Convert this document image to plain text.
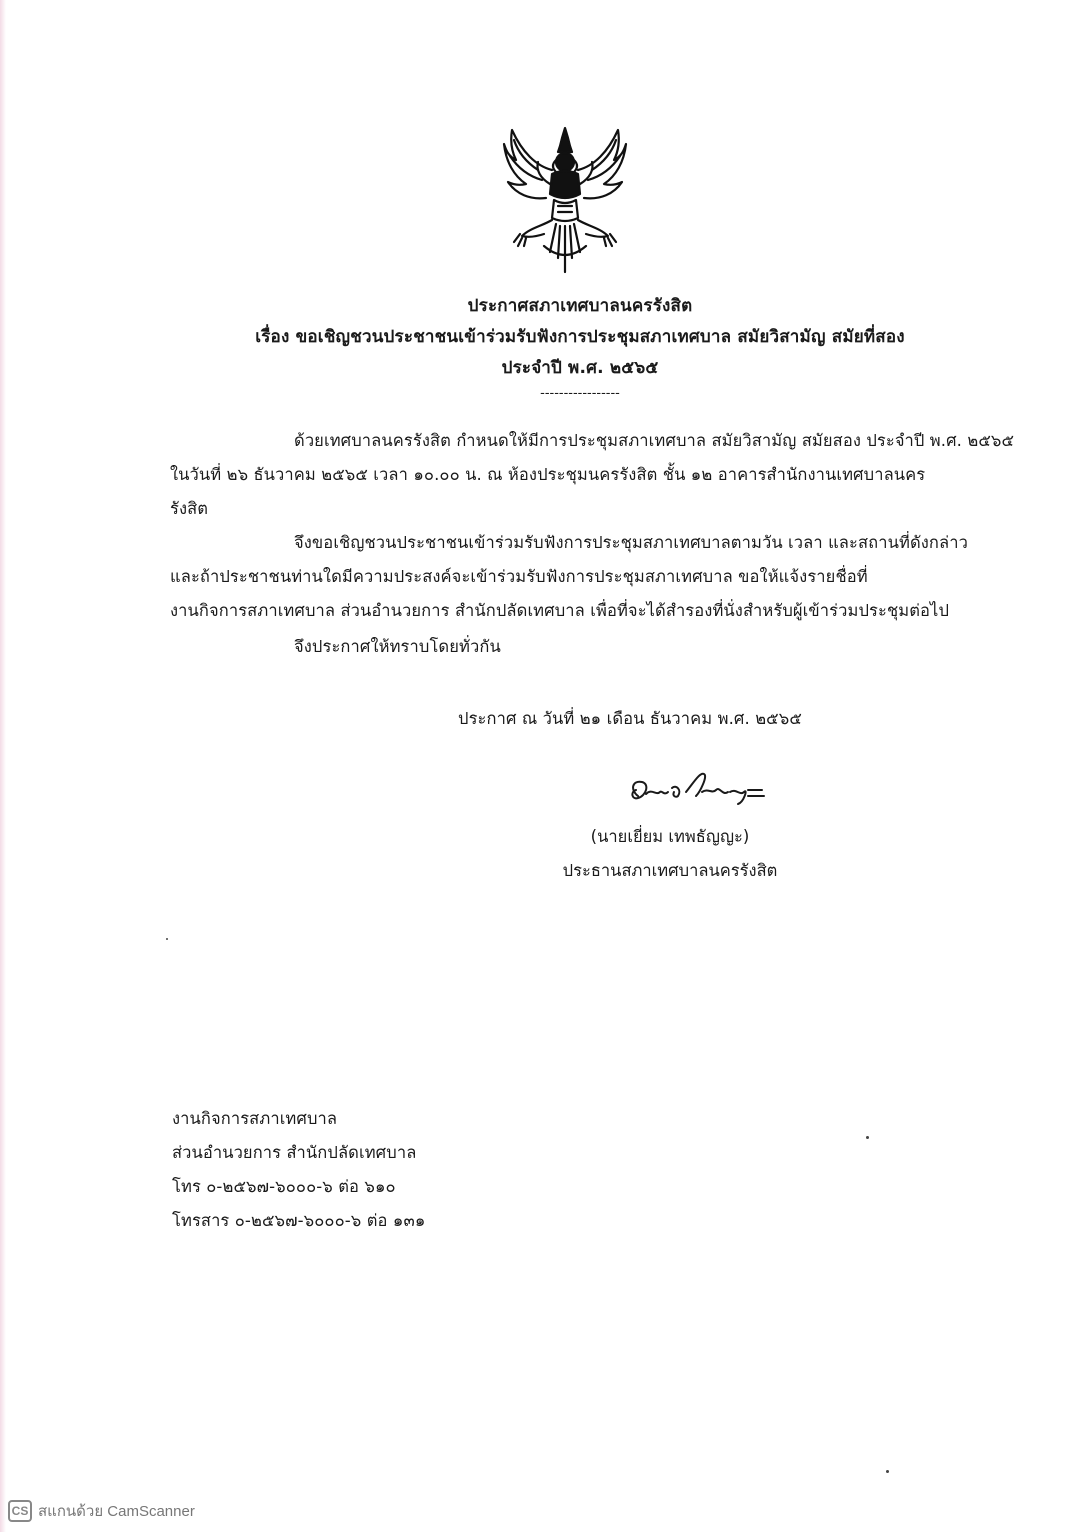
ประกาศสภาเทศบาลนครรังสิต
เรื่อง ขอเชิญชวนประชาชนเข้าร่วมรับฟังการประชุมสภาเทศบาล สมัยวิสามัญ สมัยที่สอง
ประจำปี พ.ศ. ๒๕๖๕
-----------------
ด้วยเทศบาลนครรังสิต กำหนดให้มีการประชุมสภาเทศบาล สมัยวิสามัญ สมัยสอง ประจำปี พ.ศ. ๒๕๖๕
ในวันที่ ๒๖ ธันวาคม ๒๕๖๕ เวลา ๑๐.๐๐ น. ณ ห้องประชุมนครรังสิต ชั้น ๑๒ อาคารสำนักงานเทศบาลนคร
รังสิต
จึงขอเชิญชวนประชาชนเข้าร่วมรับฟังการประชุมสภาเทศบาลตามวัน เวลา และสถานที่ดังกล่าว
และถ้าประชาชนท่านใดมีความประสงค์จะเข้าร่วมรับฟังการประชุมสภาเทศบาล ขอให้แจ้งรายชื่อที่
งานกิจการสภาเทศบาล ส่วนอำนวยการ สำนักปลัดเทศบาล เพื่อที่จะได้สำรองที่นั่งสำหรับผู้เข้าร่วมประชุมต่อไป
จึงประกาศให้ทราบโดยทั่วกัน
ประกาศ ณ วันที่ ๒๑ เดือน ธันวาคม พ.ศ. ๒๕๖๕
(นายเยี่ยม เทพธัญญะ)
ประธานสภาเทศบาลนครรังสิต
งานกิจการสภาเทศบาล
ส่วนอำนวยการ สำนักปลัดเทศบาล
โทร ๐-๒๕๖๗-๖๐๐๐-๖ ต่อ ๖๑๐
โทรสาร ๐-๒๕๖๗-๖๐๐๐-๖ ต่อ ๑๓๑
CS สแกนด้วย CamScanner
